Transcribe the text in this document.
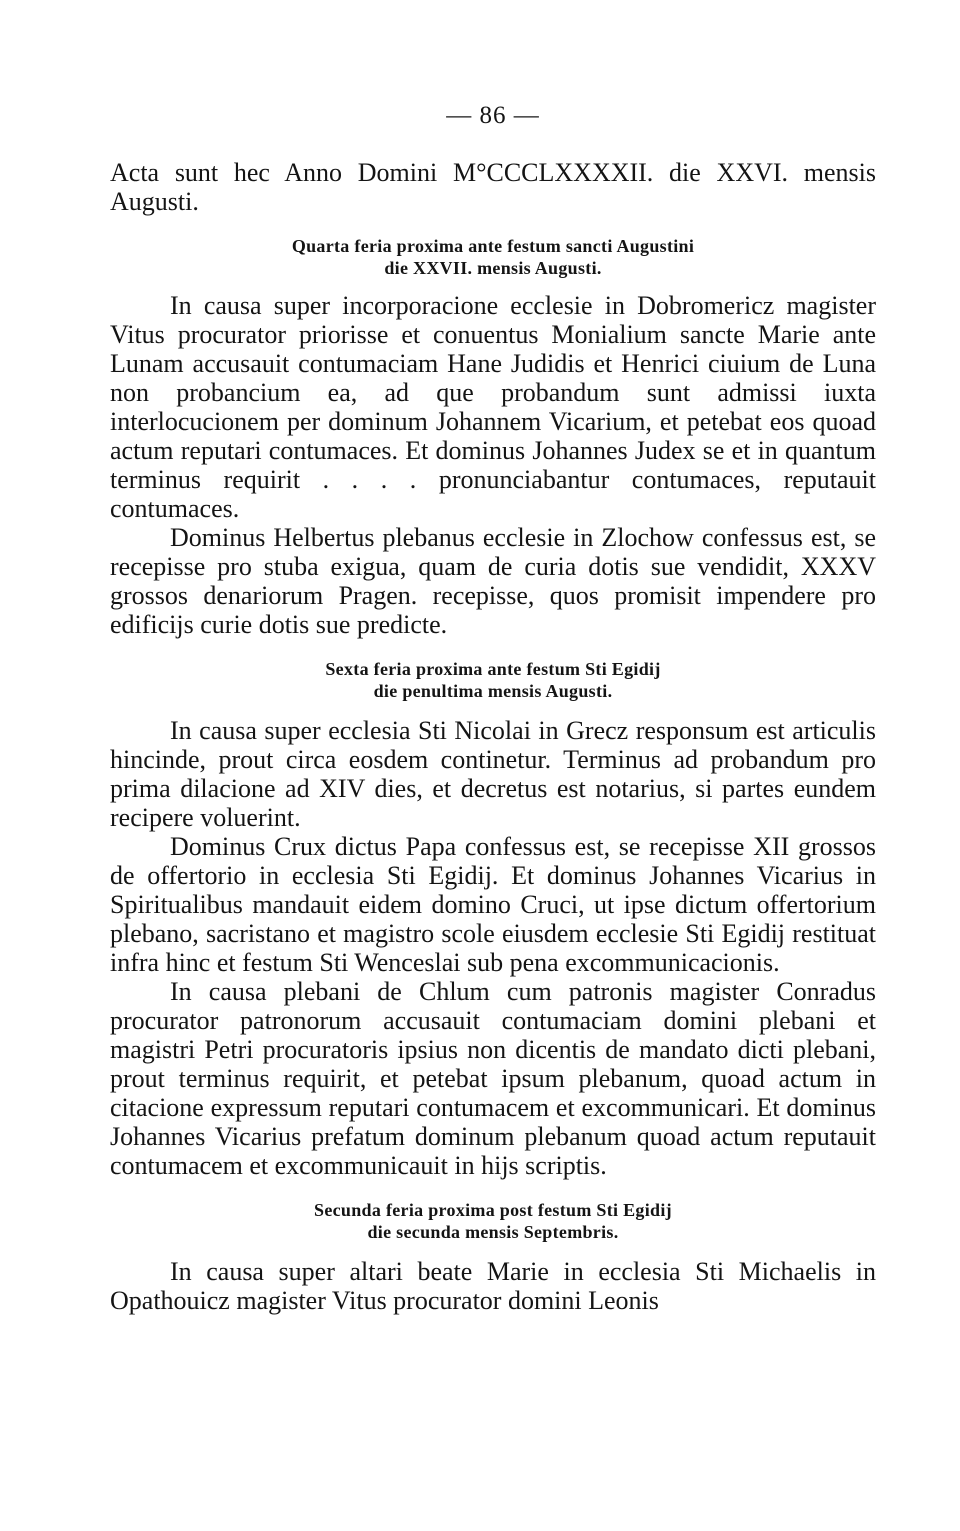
— 86 —

Acta sunt hec Anno Domini M°CCCLXXXXII. die XXVI. mensis Augusti.

Quarta feria proxima ante festum sancti Augustini
die XXVII. mensis Augusti.

In causa super incorporacione ecclesie in Dobromericz magister Vitus procurator priorisse et conuentus Monialium sancte Marie ante Lunam accusauit contumaciam Hane Judidis et Henrici ciuium de Luna non probancium ea, ad que probandum sunt admissi iuxta interlocucionem per dominum Johannem Vicarium, et petebat eos quoad actum reputari contumaces. Et dominus Johannes Judex se et in quantum terminus requirit . . . . pronunciabantur contumaces, reputauit contumaces.

Dominus Helbertus plebanus ecclesie in Zlochow confessus est, se recepisse pro stuba exigua, quam de curia dotis sue vendidit, XXXV grossos denariorum Pragen. recepisse, quos promisit impendere pro edificijs curie dotis sue predicte.

Sexta feria proxima ante festum Sti Egidij
die penultima mensis Augusti.

In causa super ecclesia Sti Nicolai in Grecz responsum est articulis hincinde, prout circa eosdem continetur. Terminus ad probandum pro prima dilacione ad XIV dies, et decretus est notarius, si partes eundem recipere voluerint.

Dominus Crux dictus Papa confessus est, se recepisse XII grossos de offertorio in ecclesia Sti Egidij. Et dominus Johannes Vicarius in Spiritualibus mandauit eidem domino Cruci, ut ipse dictum offertorium plebano, sacristano et magistro scole eiusdem ecclesie Sti Egidij restituat infra hinc et festum Sti Wenceslai sub pena excommunicacionis.

In causa plebani de Chlum cum patronis magister Conradus procurator patronorum accusauit contumaciam domini plebani et magistri Petri procuratoris ipsius non dicentis de mandato dicti plebani, prout terminus requirit, et petebat ipsum plebanum, quoad actum in citacione expressum reputari contumacem et excommunicari. Et dominus Johannes Vicarius prefatum dominum plebanum quoad actum reputauit contumacem et excommunicauit in hijs scriptis.

Secunda feria proxima post festum Sti Egidij
die secunda mensis Septembris.

In causa super altari beate Marie in ecclesia Sti Michaelis in Opathouicz magister Vitus procurator domini Leonis
